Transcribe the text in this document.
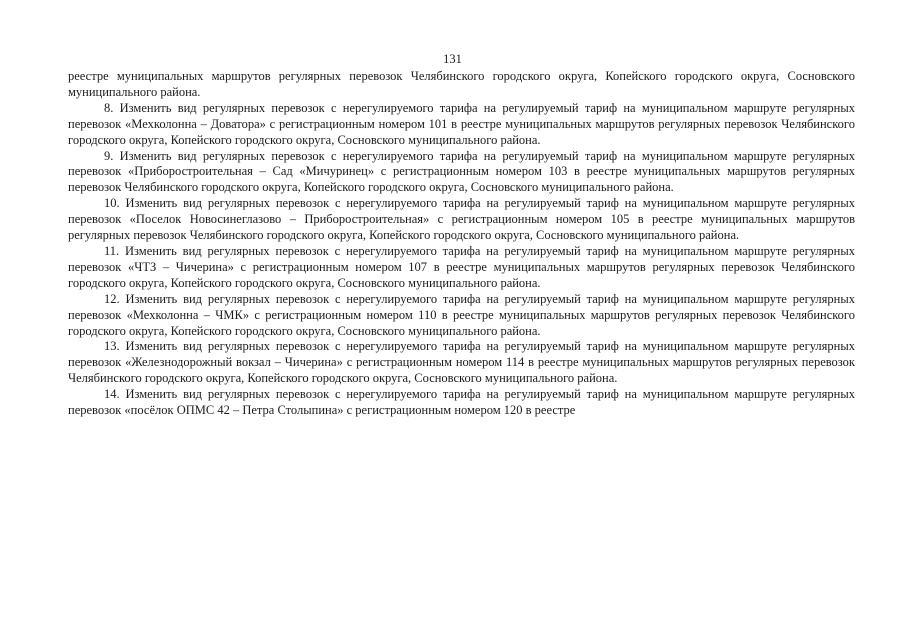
131

реестре муниципальных маршрутов регулярных перевозок Челябинского городского округа, Копейского городского округа, Сосновского муниципального района.

8. Изменить вид регулярных перевозок с нерегулируемого тарифа на регулируемый тариф на муниципальном маршруте регулярных перевозок «Мехколонна – Доватора» с регистрационным номером 101 в реестре муниципальных маршрутов регулярных перевозок Челябинского городского округа, Копейского городского округа, Сосновского муниципального района.

9. Изменить вид регулярных перевозок с нерегулируемого тарифа на регулируемый тариф на муниципальном маршруте регулярных перевозок «Приборостроительная – Сад «Мичуринец» с регистрационным номером 103 в реестре муниципальных маршрутов регулярных перевозок Челябинского городского округа, Копейского городского округа, Сосновского муниципального района.

10. Изменить вид регулярных перевозок с нерегулируемого тарифа на регулируемый тариф на муниципальном маршруте регулярных перевозок «Поселок Новосинеглазово – Приборостроительная» с регистрационным номером 105 в реестре муниципальных маршрутов регулярных перевозок Челябинского городского округа, Копейского городского округа, Сосновского муниципального района.

11. Изменить вид регулярных перевозок с нерегулируемого тарифа на регулируемый тариф на муниципальном маршруте регулярных перевозок «ЧТЗ – Чичерина» с регистрационным номером 107 в реестре муниципальных маршрутов регулярных перевозок Челябинского городского округа, Копейского городского округа, Сосновского муниципального района.

12. Изменить вид регулярных перевозок с нерегулируемого тарифа на регулируемый тариф на муниципальном маршруте регулярных перевозок «Мехколонна – ЧМК» с регистрационным номером 110 в реестре муниципальных маршрутов регулярных перевозок Челябинского городского округа, Копейского городского округа, Сосновского муниципального района.

13. Изменить вид регулярных перевозок с нерегулируемого тарифа на регулируемый тариф на муниципальном маршруте регулярных перевозок «Железнодорожный вокзал – Чичерина» с регистрационным номером 114 в реестре муниципальных маршрутов регулярных перевозок Челябинского городского округа, Копейского городского округа, Сосновского муниципального района.

14. Изменить вид регулярных перевозок с нерегулируемого тарифа на регулируемый тариф на муниципальном маршруте регулярных перевозок «посёлок ОПМС 42 – Петра Столыпина» с регистрационным номером 120 в реестре
